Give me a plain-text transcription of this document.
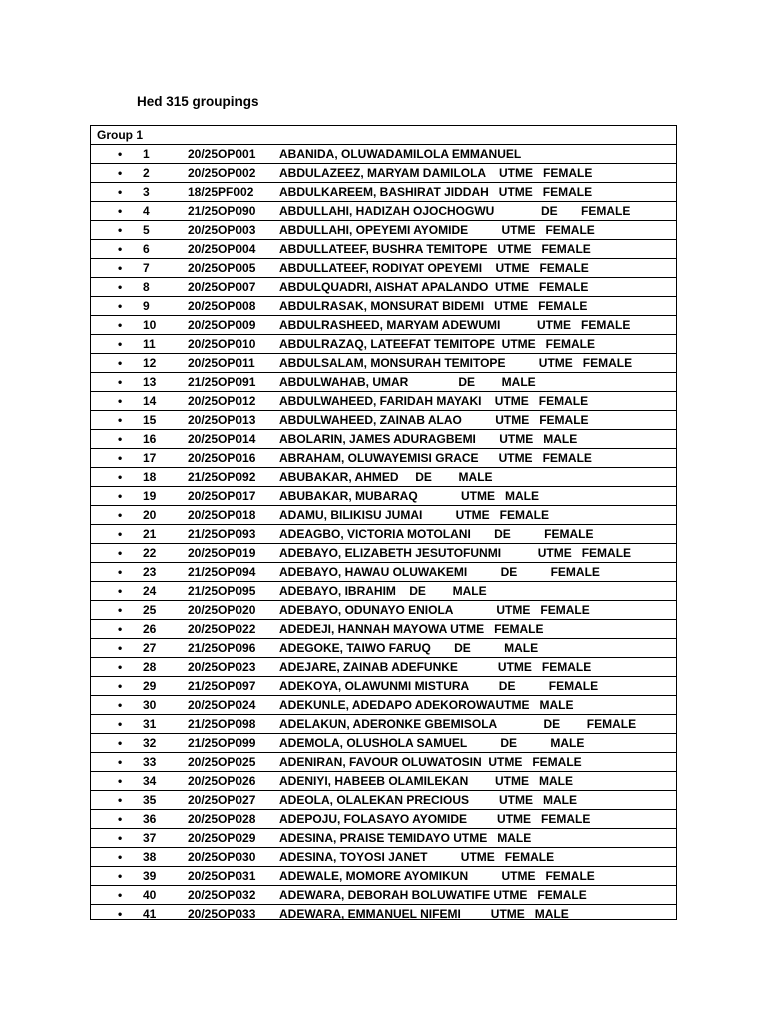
Hed 315 groupings
Group 1
• 1	20/25OP001 ABANIDA, OLUWADAMILOLA EMMANUEL
• 2	20/25OP002 ABDULAZEEZ, MARYAM DAMILOLA    UTME   FEMALE
• 3	18/25PF002 ABDULKAREEM, BASHIRAT JIDDAH   UTME   FEMALE
• 4	21/25OP090 ABDULLAHI, HADIZAH OJOCHOGWU              DE       FEMALE
• 5	20/25OP003 ABDULLAHI, OPEYEMI AYOMIDE          UTME   FEMALE
• 6	20/25OP004 ABDULLATEEF, BUSHRA TEMITOPE   UTME   FEMALE
• 7	20/25OP005 ABDULLATEEF, RODIYAT OPEYEMI    UTME   FEMALE
• 8	20/25OP007 ABDULQUADRI, AISHAT APALANDO  UTME   FEMALE
• 9	20/25OP008 ABDULRASAK, MONSURAT BIDEMI   UTME   FEMALE
• 10	20/25OP009 ABDULRASHEED, MARYAM ADEWUMI           UTME   FEMALE
• 11	20/25OP010 ABDULRAZAQ, LATEEFAT TEMITOPE  UTME   FEMALE
• 12	20/25OP011 ABDULSALAM, MONSURAH TEMITOPE          UTME   FEMALE
• 13	21/25OP091 ABDULWAHAB, UMAR               DE        MALE
• 14	20/25OP012 ABDULWAHEED, FARIDAH MAYAKI    UTME   FEMALE
• 15	20/25OP013 ABDULWAHEED, ZAINAB ALAO          UTME   FEMALE
• 16	20/25OP014 ABOLARIN, JAMES ADURAGBEMI       UTME   MALE
• 17	20/25OP016 ABRAHAM, OLUWAYEMISI GRACE      UTME   FEMALE
• 18	21/25OP092 ABUBAKAR, AHMED     DE        MALE
• 19	20/25OP017 ABUBAKAR, MUBARAQ             UTME   MALE
• 20	20/25OP018 ADAMU, BILIKISU JUMAI          UTME   FEMALE
• 21	21/25OP093 ADEAGBO, VICTORIA MOTOLANI       DE          FEMALE
• 22	20/25OP019 ADEBAYO, ELIZABETH JESUTOFUNMI           UTME   FEMALE
• 23	21/25OP094 ADEBAYO, HAWAU OLUWAKEMI          DE          FEMALE
• 24	21/25OP095 ADEBAYO, IBRAHIM    DE        MALE
• 25	20/25OP020 ADEBAYO, ODUNAYO ENIOLA             UTME   FEMALE
• 26	20/25OP022 ADEDEJI, HANNAH MAYOWA UTME   FEMALE
• 27	21/25OP096 ADEGOKE, TAIWO FARUQ       DE          MALE
• 28	20/25OP023 ADEJARE, ZAINAB ADEFUNKE            UTME   FEMALE
• 29	21/25OP097 ADEKOYA, OLAWUNMI MISTURA         DE          FEMALE
• 30	20/25OP024 ADEKUNLE, ADEDAPO ADEKOROWAUTME   MALE
• 31	21/25OP098 ADELAKUN, ADERONKE GBEMISOLA              DE        FEMALE
• 32	21/25OP099 ADEMOLA, OLUSHOLA SAMUEL          DE          MALE
• 33	20/25OP025 ADENIRAN, FAVOUR OLUWATOSIN  UTME   FEMALE
• 34	20/25OP026 ADENIYI, HABEEB OLAMILEKAN        UTME   MALE
• 35	20/25OP027 ADEOLA, OLALEKAN PRECIOUS         UTME   MALE
• 36	20/25OP028 ADEPOJU, FOLASAYO AYOMIDE         UTME   FEMALE
• 37	20/25OP029 ADESINA, PRAISE TEMIDAYO UTME   MALE
• 38	20/25OP030 ADESINA, TOYOSI JANET          UTME   FEMALE
• 39	20/25OP031 ADEWALE, MOMORE AYOMIKUN          UTME   FEMALE
• 40	20/25OP032 ADEWARA, DEBORAH BOLUWATIFE UTME   FEMALE
• 41	20/25OP033 ADEWARA, EMMANUEL NIFEMI         UTME   MALE
